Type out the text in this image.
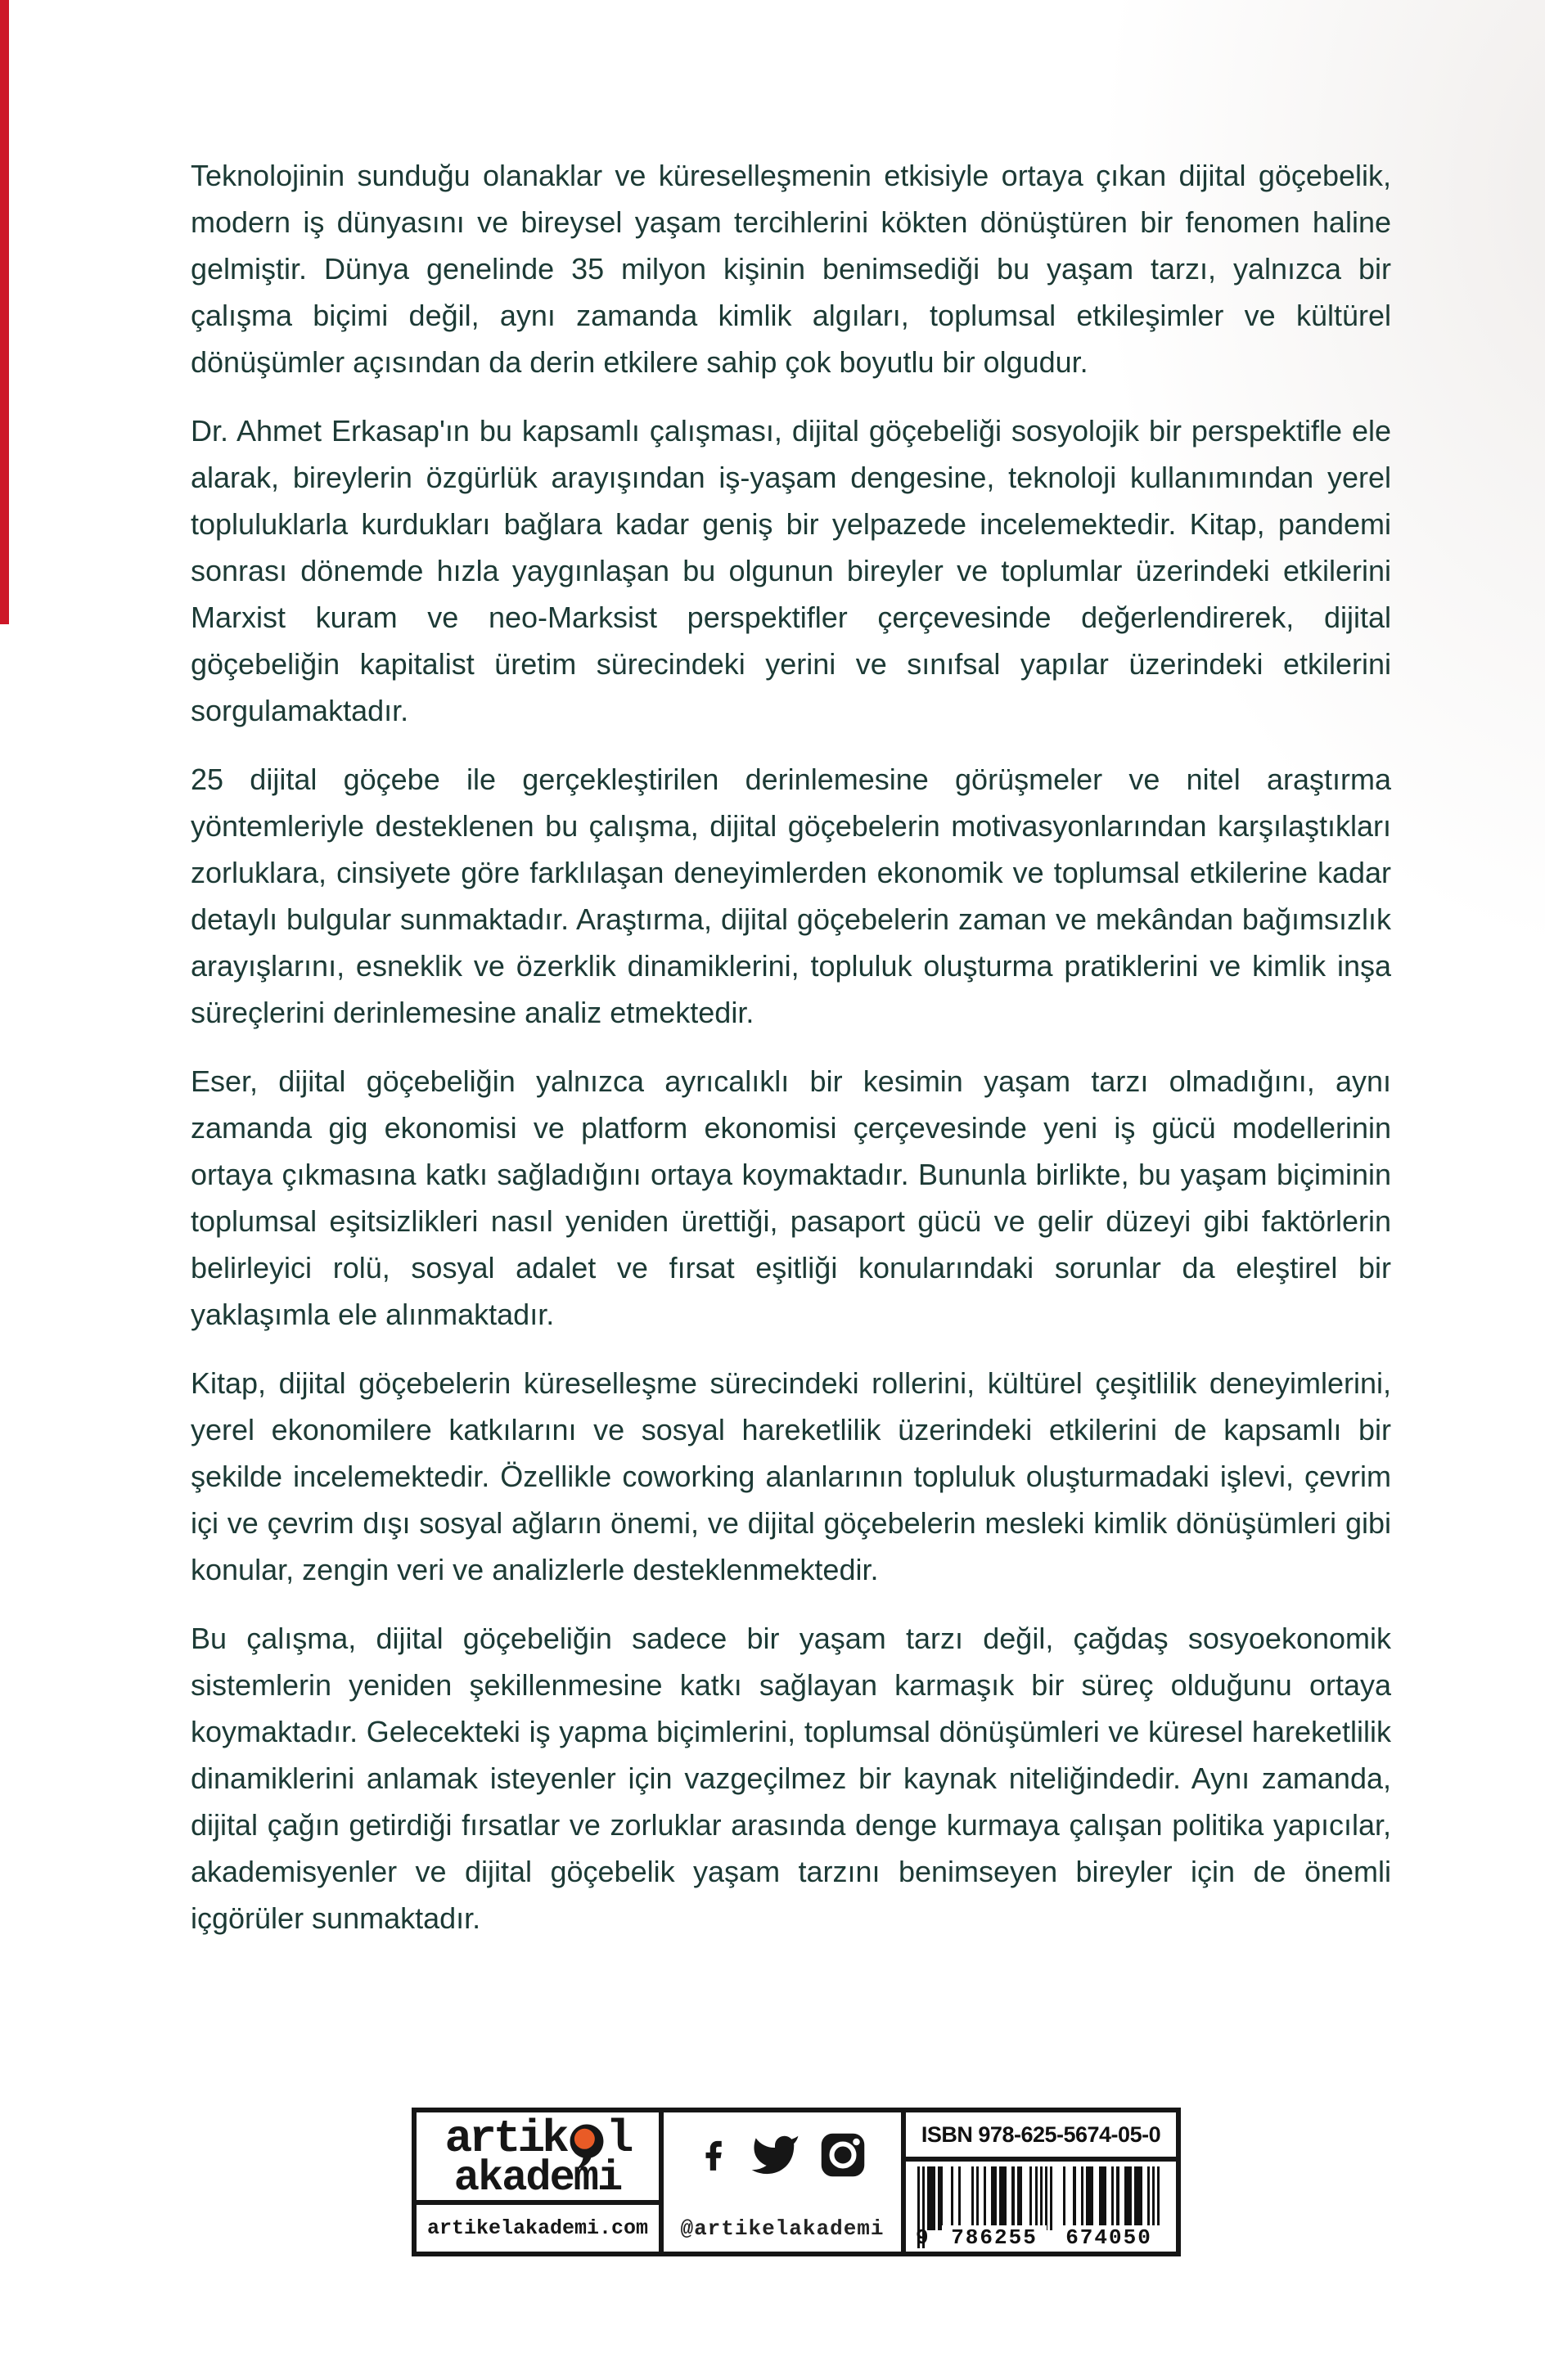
Teknolojinin sunduğu olanaklar ve küreselleşmenin etkisiyle ortaya çıkan dijital göçebelik, modern iş dünyasını ve bireysel yaşam tercihlerini kökten dönüştüren bir fenomen haline gelmiştir. Dünya genelinde 35 milyon kişinin benimsediği bu yaşam tarzı, yalnızca bir çalışma biçimi değil, aynı zamanda kimlik algıları, toplumsal etkileşimler ve kültürel dönüşümler açısından da derin etkilere sahip çok boyutlu bir olgudur.

Dr. Ahmet Erkasap'ın bu kapsamlı çalışması, dijital göçebeliği sosyolojik bir perspektifle ele alarak, bireylerin özgürlük arayışından iş-yaşam dengesine, teknoloji kullanımından yerel topluluklarla kurdukları bağlara kadar geniş bir yelpazede incelemektedir. Kitap, pandemi sonrası dönemde hızla yaygınlaşan bu olgunun bireyler ve toplumlar üzerindeki etkilerini Marxist kuram ve neo-Marksist perspektifler çerçevesinde değerlendirerek, dijital göçebeliğin kapitalist üretim sürecindeki yerini ve sınıfsal yapılar üzerindeki etkilerini sorgulamaktadır.

25 dijital göçebe ile gerçekleştirilen derinlemesine görüşmeler ve nitel araştırma yöntemleriyle desteklenen bu çalışma, dijital göçebelerin motivasyonlarından karşılaştıkları zorluklara, cinsiyete göre farklılaşan deneyimlerden ekonomik ve toplumsal etkilerine kadar detaylı bulgular sunmaktadır. Araştırma, dijital göçebelerin zaman ve mekândan bağımsızlık arayışlarını, esneklik ve özerklik dinamiklerini, topluluk oluşturma pratiklerini ve kimlik inşa süreçlerini derinlemesine analiz etmektedir.

Eser, dijital göçebeliğin yalnızca ayrıcalıklı bir kesimin yaşam tarzı olmadığını, aynı zamanda gig ekonomisi ve platform ekonomisi çerçevesinde yeni iş gücü modellerinin ortaya çıkmasına katkı sağladığını ortaya koymaktadır. Bununla birlikte, bu yaşam biçiminin toplumsal eşitsizlikleri nasıl yeniden ürettiği, pasaport gücü ve gelir düzeyi gibi faktörlerin belirleyici rolü, sosyal adalet ve fırsat eşitliği konularındaki sorunlar da eleştirel bir yaklaşımla ele alınmaktadır.

Kitap, dijital göçebelerin küreselleşme sürecindeki rollerini, kültürel çeşitlilik deneyimlerini, yerel ekonomilere katkılarını ve sosyal hareketlilik üzerindeki etkilerini de kapsamlı bir şekilde incelemektedir. Özellikle coworking alanlarının topluluk oluşturmadaki işlevi, çevrim içi ve çevrim dışı sosyal ağların önemi, ve dijital göçebelerin mesleki kimlik dönüşümleri gibi konular, zengin veri ve analizlerle desteklenmektedir.

Bu çalışma, dijital göçebeliğin sadece bir yaşam tarzı değil, çağdaş sosyoekonomik sistemlerin yeniden şekillenmesine katkı sağlayan karmaşık bir süreç olduğunu ortaya koymaktadır. Gelecekteki iş yapma biçimlerini, toplumsal dönüşümleri ve küresel hareketlilik dinamiklerini anlamak isteyenler için vazgeçilmez bir kaynak niteliğindedir. Aynı zamanda, dijital çağın getirdiği fırsatlar ve zorluklar arasında denge kurmaya çalışan politika yapıcılar, akademisyenler ve dijital göçebelik yaşam tarzını benimseyen bireyler için de önemli içgörüler sunmaktadır.

artik l
akademi
artikelakademi.com	@artikelakademi
ISBN 978-625-5674-05-0
9	786255	674050
